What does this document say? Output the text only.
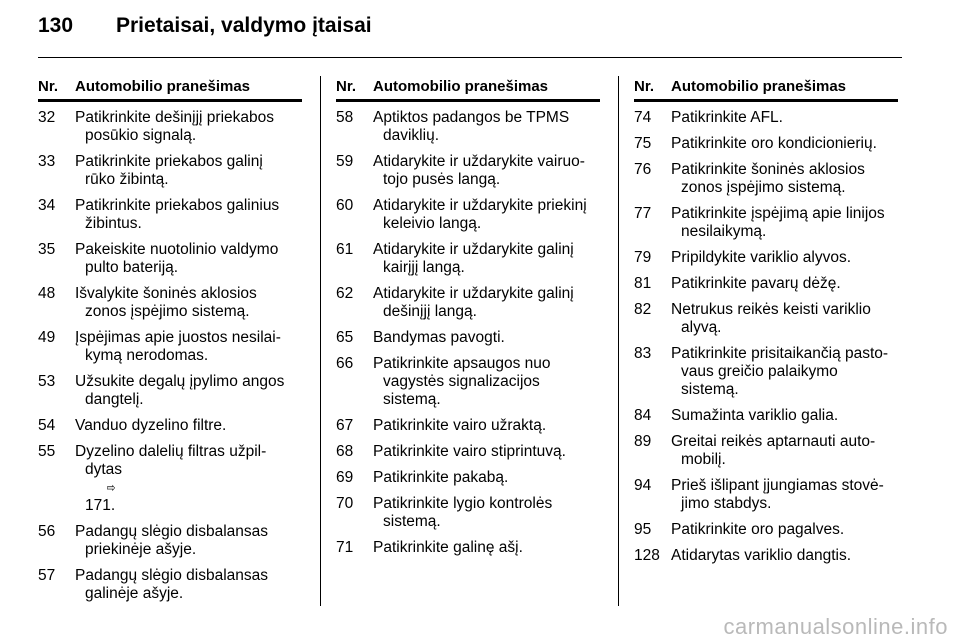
130 Prietaisai, valdymo įtaisai
Nr.	Automobilio pranešimas
32	Patikrinkite dešinįjį priekabos
posūkio signalą.
33	Patikrinkite priekabos galinį
rūko žibintą.
34	Patikrinkite priekabos galinius
žibintus.
35	Pakeiskite nuotolinio valdymo
pulto bateriją.
48	Išvalykite šoninės aklosios
zonos įspėjimo sistemą.
49	Įspėjimas apie juostos nesilai-
kymą nerodomas.
53	Užsukite degalų įpylimo angos
dangtelį.
54	Vanduo dyzelino filtre.
55	Dyzelino dalelių filtras užpil-
dytas
⇨
171.
56	Padangų slėgio disbalansas
priekinėje ašyje.
57	Padangų slėgio disbalansas
galinėje ašyje.
Nr.	Automobilio pranešimas
58	Aptiktos padangos be TPMS
daviklių.
59	Atidarykite ir uždarykite vairuo-
tojo pusės langą.
60	Atidarykite ir uždarykite priekinį
keleivio langą.
61	Atidarykite ir uždarykite galinį
kairįjį langą.
62	Atidarykite ir uždarykite galinį
dešinįjį langą.
65	Bandymas pavogti.
66	Patikrinkite apsaugos nuo
vagystės signalizacijos
sistemą.
67	Patikrinkite vairo užraktą.
68	Patikrinkite vairo stiprintuvą.
69	Patikrinkite pakabą.
70	Patikrinkite lygio kontrolės
sistemą.
71	Patikrinkite galinę ašį.
Nr.	Automobilio pranešimas
74	Patikrinkite AFL.
75	Patikrinkite oro kondicionierių.
76	Patikrinkite šoninės aklosios
zonos įspėjimo sistemą.
77	Patikrinkite įspėjimą apie linijos
nesilaikymą.
79	Pripildykite variklio alyvos.
81	Patikrinkite pavarų dėžę.
82	Netrukus reikės keisti variklio
alyvą.
83	Patikrinkite prisitaikančią pasto-
vaus greičio palaikymo sistemą.
84	Sumažinta variklio galia.
89	Greitai reikės aptarnauti auto-
mobilį.
94	Prieš išlipant įjungiamas stovė-
jimo stabdys.
95	Patikrinkite oro pagalves.
128 Atidarytas variklio dangtis.
carmanualsonline.info
